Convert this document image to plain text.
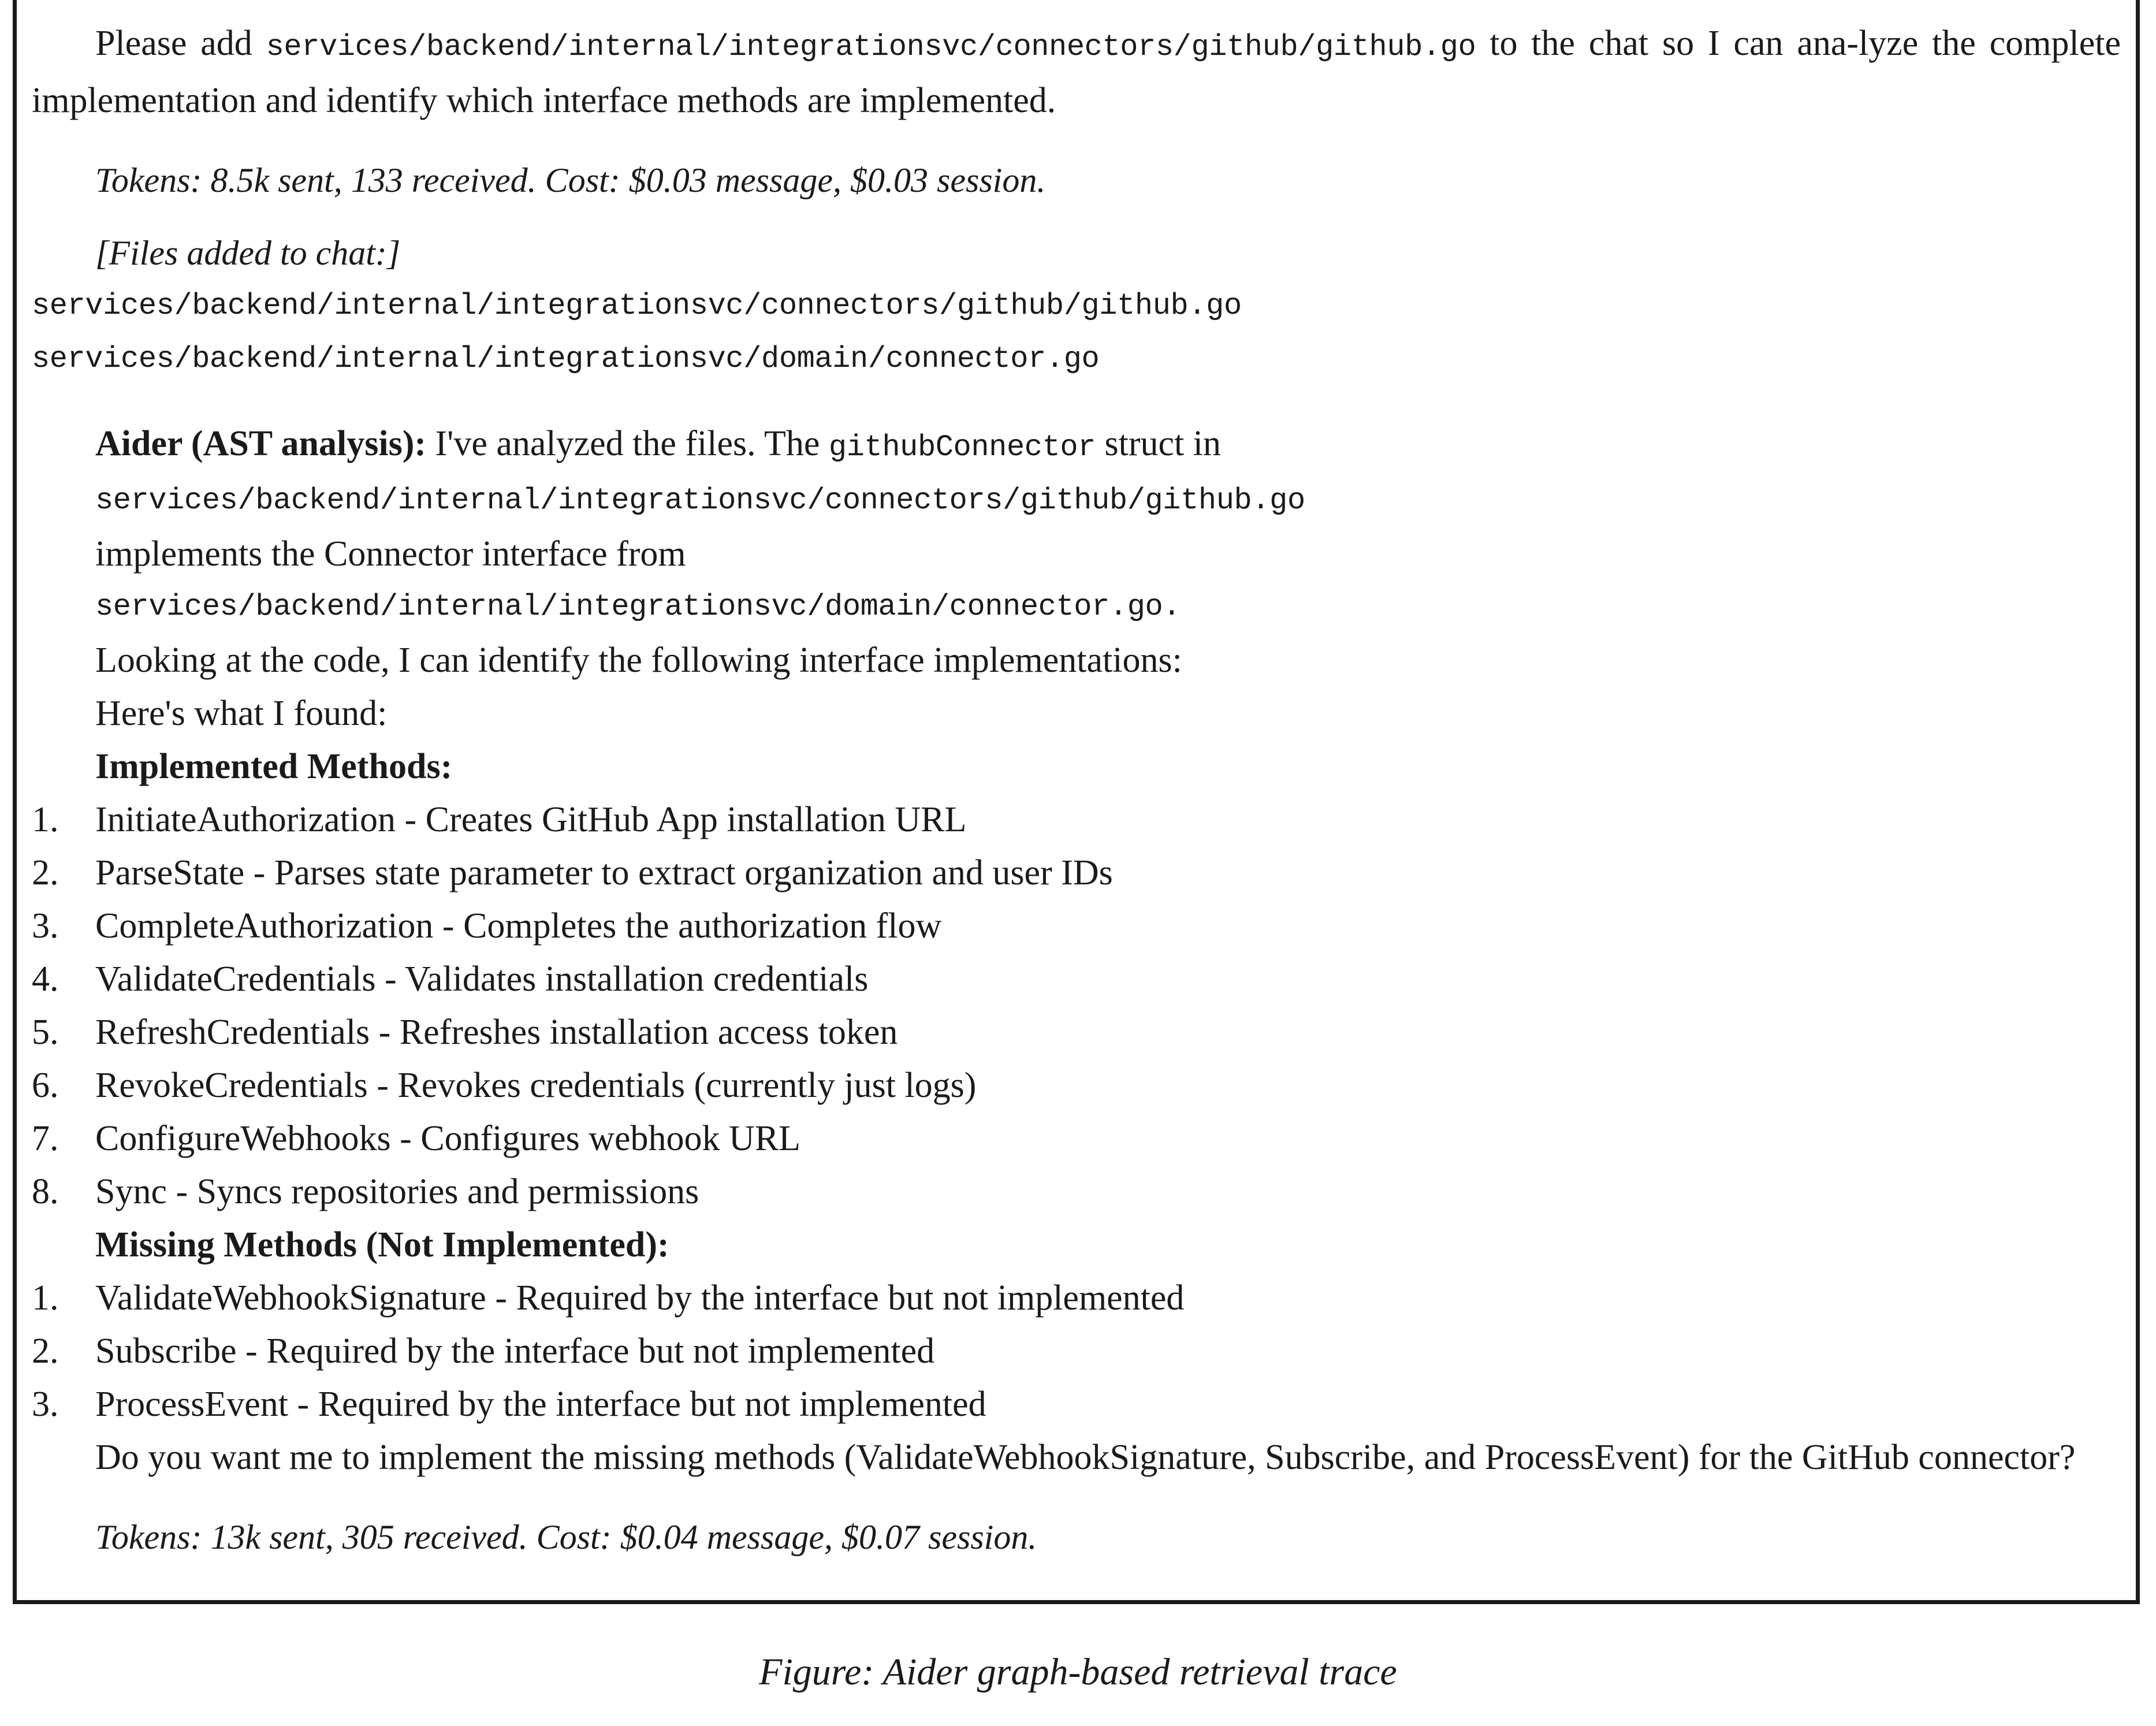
Please add services/backend/internal/integrationsvc/connectors/github/github.go to the chat so I can ana-lyze the complete implementation and identify which interface methods are implemented.

Tokens: 8.5k sent, 133 received. Cost: $0.03 message, $0.03 session.

[Files added to chat:]

services/backend/internal/integrationsvc/connectors/github/github.go

services/backend/internal/integrationsvc/domain/connector.go

Aider (AST analysis): I've analyzed the files. The githubConnector struct in

services/backend/internal/integrationsvc/connectors/github/github.go

implements the Connector interface from

services/backend/internal/integrationsvc/domain/connector.go.

Looking at the code, I can identify the following interface implementations:

Here's what I found:

Implemented Methods:

1.	InitiateAuthorization - Creates GitHub App installation URL
2.	ParseState - Parses state parameter to extract organization and user IDs
3.	CompleteAuthorization - Completes the authorization flow
4.	ValidateCredentials - Validates installation credentials
5.	RefreshCredentials - Refreshes installation access token
6.	RevokeCredentials - Revokes credentials (currently just logs)
7.	ConfigureWebhooks - Configures webhook URL
8.	Sync - Syncs repositories and permissions

Missing Methods (Not Implemented):

1.	ValidateWebhookSignature - Required by the interface but not implemented
2.	Subscribe - Required by the interface but not implemented
3.	ProcessEvent - Required by the interface but not implemented

Do you want me to implement the missing methods (ValidateWebhookSignature, Subscribe, and ProcessEvent) for the GitHub connector?

Tokens: 13k sent, 305 received. Cost: $0.04 message, $0.07 session.

Figure: Aider graph-based retrieval trace
